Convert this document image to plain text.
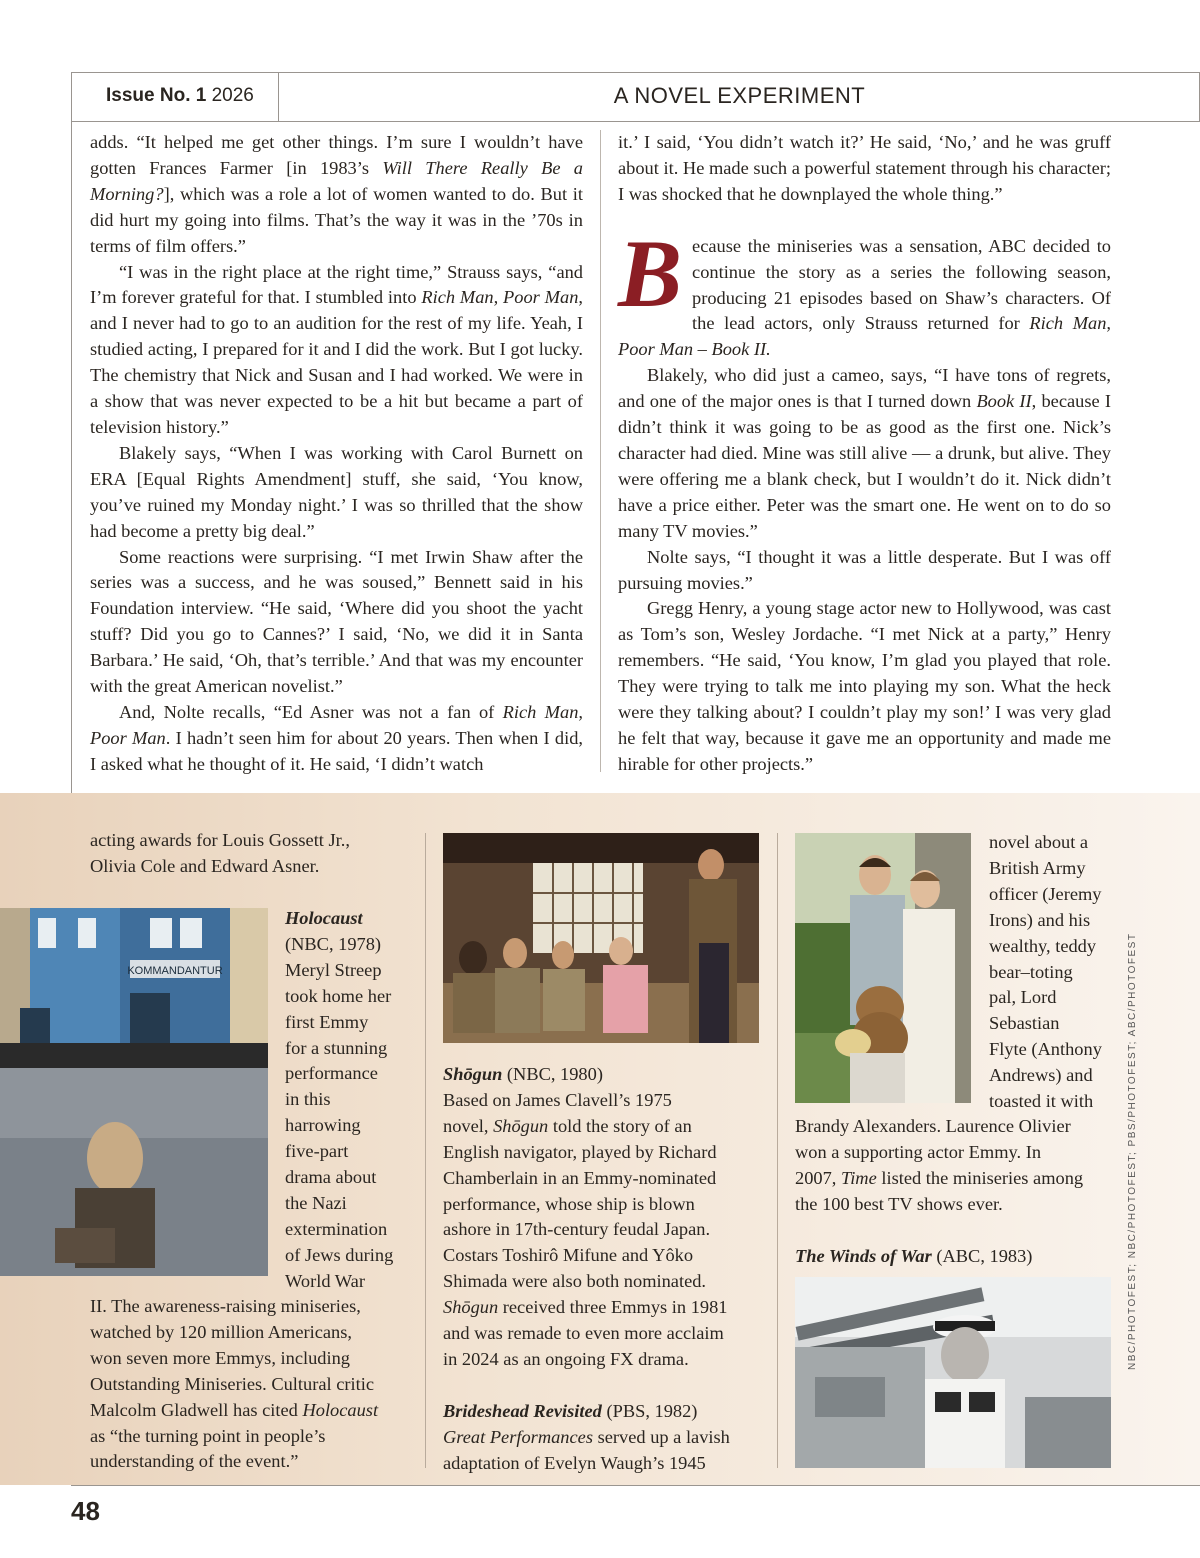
Issue No. 1 2026	A NOVEL EXPERIMENT

adds. “It helped me get other things. I’m sure I wouldn’t have gotten Frances Farmer [in 1983’s Will There Really Be a Morning?], which was a role a lot of women wanted to do. But it did hurt my going into films. That’s the way it was in the ’70s in terms of film offers.”

“I was in the right place at the right time,” Strauss says, “and I’m forever grateful for that. I stumbled into Rich Man, Poor Man, and I never had to go to an audition for the rest of my life. Yeah, I studied acting, I prepared for it and I did the work. But I got lucky. The chemistry that Nick and Susan and I had worked. We were in a show that was never expected to be a hit but became a part of television history.”

Blakely says, “When I was working with Carol Burnett on ERA [Equal Rights Amendment] stuff, she said, ‘You know, you’ve ruined my Monday night.’ I was so thrilled that the show had become a pretty big deal.”

Some reactions were surprising. “I met Irwin Shaw after the series was a success, and he was soused,” Bennett said in his Foundation interview. “He said, ‘Where did you shoot the yacht stuff? Did you go to Cannes?’ I said, ‘No, we did it in Santa Barbara.’ He said, ‘Oh, that’s terrible.’ And that was my encounter with the great American novelist.”

And, Nolte recalls, “Ed Asner was not a fan of Rich Man, Poor Man. I hadn’t seen him for about 20 years. Then when I did, I asked what he thought of it. He said, ‘I didn’t watch

it.’ I said, ‘You didn’t watch it?’ He said, ‘No,’ and he was gruff about it. He made such a powerful statement through his character; I was shocked that he downplayed the whole thing.”

Because the miniseries was a sensation, ABC decided to continue the story as a series the following season, producing 21 episodes based on Shaw’s characters. Of the lead actors, only Strauss returned for Rich Man, Poor Man – Book II.

Blakely, who did just a cameo, says, “I have tons of regrets, and one of the major ones is that I turned down Book II, because I didn’t think it was going to be as good as the first one. Nick’s character had died. Mine was still alive — a drunk, but alive. They were offering me a blank check, but I wouldn’t do it. Nick didn’t have a price either. Peter was the smart one. He went on to do so many TV movies.”

Nolte says, “I thought it was a little desperate. But I was off pursuing movies.”

Gregg Henry, a young stage actor new to Hollywood, was cast as Tom’s son, Wesley Jordache. “I met Nick at a party,” Henry remembers. “He said, ‘You know, I’m glad you played that role. They were trying to talk me into playing my son. What the heck were they talking about? I couldn’t play my son!’ I was very glad he felt that way, because it gave me an opportunity and made me hirable for other projects.”

acting awards for Louis Gossett Jr.,

Olivia Cole and Edward Asner.

KOMMANDANTUR

Holocaust

(NBC, 1978)

Meryl Streep

took home her

first Emmy

for a stunning

performance

in this

harrowing

five-part

drama about

the Nazi

extermination

of Jews during

World War

II. The awareness-raising miniseries,

watched by 120 million Americans,

won seven more Emmys, including

Outstanding Miniseries. Cultural critic

Malcolm Gladwell has cited Holocaust

as “the turning point in people’s

understanding of the event.”

Shōgun (NBC, 1980)

Based on James Clavell’s 1975

novel, Shōgun told the story of an

English navigator, played by Richard

Chamberlain in an Emmy-nominated

performance, whose ship is blown

ashore in 17th-century feudal Japan.

Costars Toshirô Mifune and Yôko

Shimada were also both nominated.

Shōgun received three Emmys in 1981

and was remade to even more acclaim

in 2024 as an ongoing FX drama.

Brideshead Revisited (PBS, 1982)

Great Performances served up a lavish

adaptation of Evelyn Waugh’s 1945

novel about a

British Army

officer (Jeremy

Irons) and his

wealthy, teddy

bear–toting

pal, Lord

Sebastian

Flyte (Anthony

Andrews) and

toasted it with

Brandy Alexanders. Laurence Olivier

won a supporting actor Emmy. In

2007, Time listed the miniseries among

the 100 best TV shows ever.

The Winds of War (ABC, 1983)	NBC/PHOTOFEST; NBC/PHOTOFEST; PBS/PHOTOFEST; ABC/PHOTOFEST
48
